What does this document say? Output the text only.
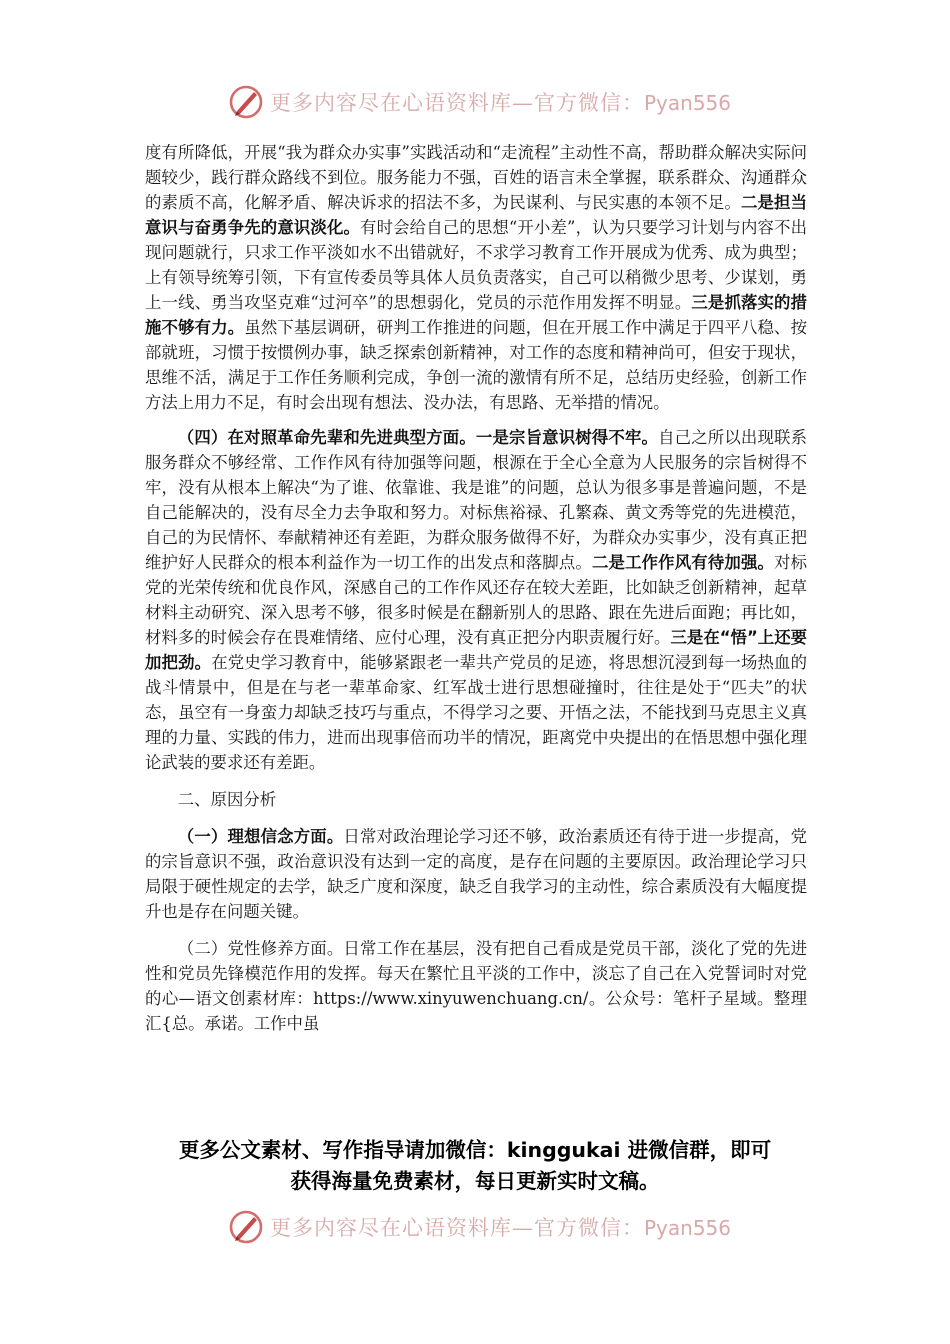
更多内容尽在心语资料库—官方微信：Pyan556

度有所降低，开展“我为群众办实事”实践活动和“走流程”主动性不高，帮助群众解决实际问题较少，践行群众路线不到位。服务能力不强，百姓的语言未全掌握，联系群众、沟通群众的素质不高，化解矛盾、解决诉求的招法不多，为民谋利、与民实惠的本领不足。二是担当意识与奋勇争先的意识淡化。有时会给自己的思想“开小差”，认为只要学习计划与内容不出现问题就行，只求工作平淡如水不出错就好，不求学习教育工作开展成为优秀、成为典型；上有领导统筹引领，下有宣传委员等具体人员负责落实，自己可以稍微少思考、少谋划，勇上一线、勇当攻坚克难“过河卒”的思想弱化，党员的示范作用发挥不明显。三是抓落实的措施不够有力。虽然下基层调研，研判工作推进的问题，但在开展工作中满足于四平八稳、按部就班，习惯于按惯例办事，缺乏探索创新精神，对工作的态度和精神尚可，但安于现状，思维不活，满足于工作任务顺利完成，争创一流的激情有所不足，总结历史经验，创新工作方法上用力不足，有时会出现有想法、没办法，有思路、无举措的情况。

（四）在对照革命先辈和先进典型方面。一是宗旨意识树得不牢。自己之所以出现联系服务群众不够经常、工作作风有待加强等问题，根源在于全心全意为人民服务的宗旨树得不牢，没有从根本上解决“为了谁、依靠谁、我是谁”的问题，总认为很多事是普遍问题，不是自己能解决的，没有尽全力去争取和努力。对标焦裕禄、孔繁森、黄文秀等党的先进模范，自己的为民情怀、奉献精神还有差距，为群众服务做得不好，为群众办实事少，没有真正把维护好人民群众的根本利益作为一切工作的出发点和落脚点。二是工作作风有待加强。对标党的光荣传统和优良作风，深感自己的工作作风还存在较大差距，比如缺乏创新精神，起草材料主动研究、深入思考不够，很多时候是在翻新别人的思路、跟在先进后面跑；再比如，材料多的时候会存在畏难情绪、应付心理，没有真正把分内职责履行好。三是在“悟”上还要加把劲。在党史学习教育中，能够紧跟老一辈共产党员的足迹，将思想沉浸到每一场热血的战斗情景中，但是在与老一辈革命家、红军战士进行思想碰撞时，往往是处于“匹夫”的状态，虽空有一身蛮力却缺乏技巧与重点，不得学习之要、开悟之法，不能找到马克思主义真理的力量、实践的伟力，进而出现事倍而功半的情况，距离党中央提出的在悟思想中强化理论武装的要求还有差距。

二、原因分析

（一）理想信念方面。日常对政治理论学习还不够，政治素质还有待于进一步提高，党的宗旨意识不强，政治意识没有达到一定的高度，是存在问题的主要原因。政治理论学习只局限于硬性规定的去学，缺乏广度和深度，缺乏自我学习的主动性，综合素质没有大幅度提升也是存在问题关键。

（二）党性修养方面。日常工作在基层，没有把自己看成是党员干部，淡化了党的先进性和党员先锋模范作用的发挥。每天在繁忙且平淡的工作中，淡忘了自己在入党誓词时对党的心—语文创素材库：https://www.xinyuwenchuang.cn/。公众号：笔杆子星域。整理汇{总。承诺。工作中虽

更多公文素材、写作指导请加微信：kinggukai 进微信群，即可
获得海量免费素材，每日更新实时文稿。
更多内容尽在心语资料库—官方微信：Pyan556
